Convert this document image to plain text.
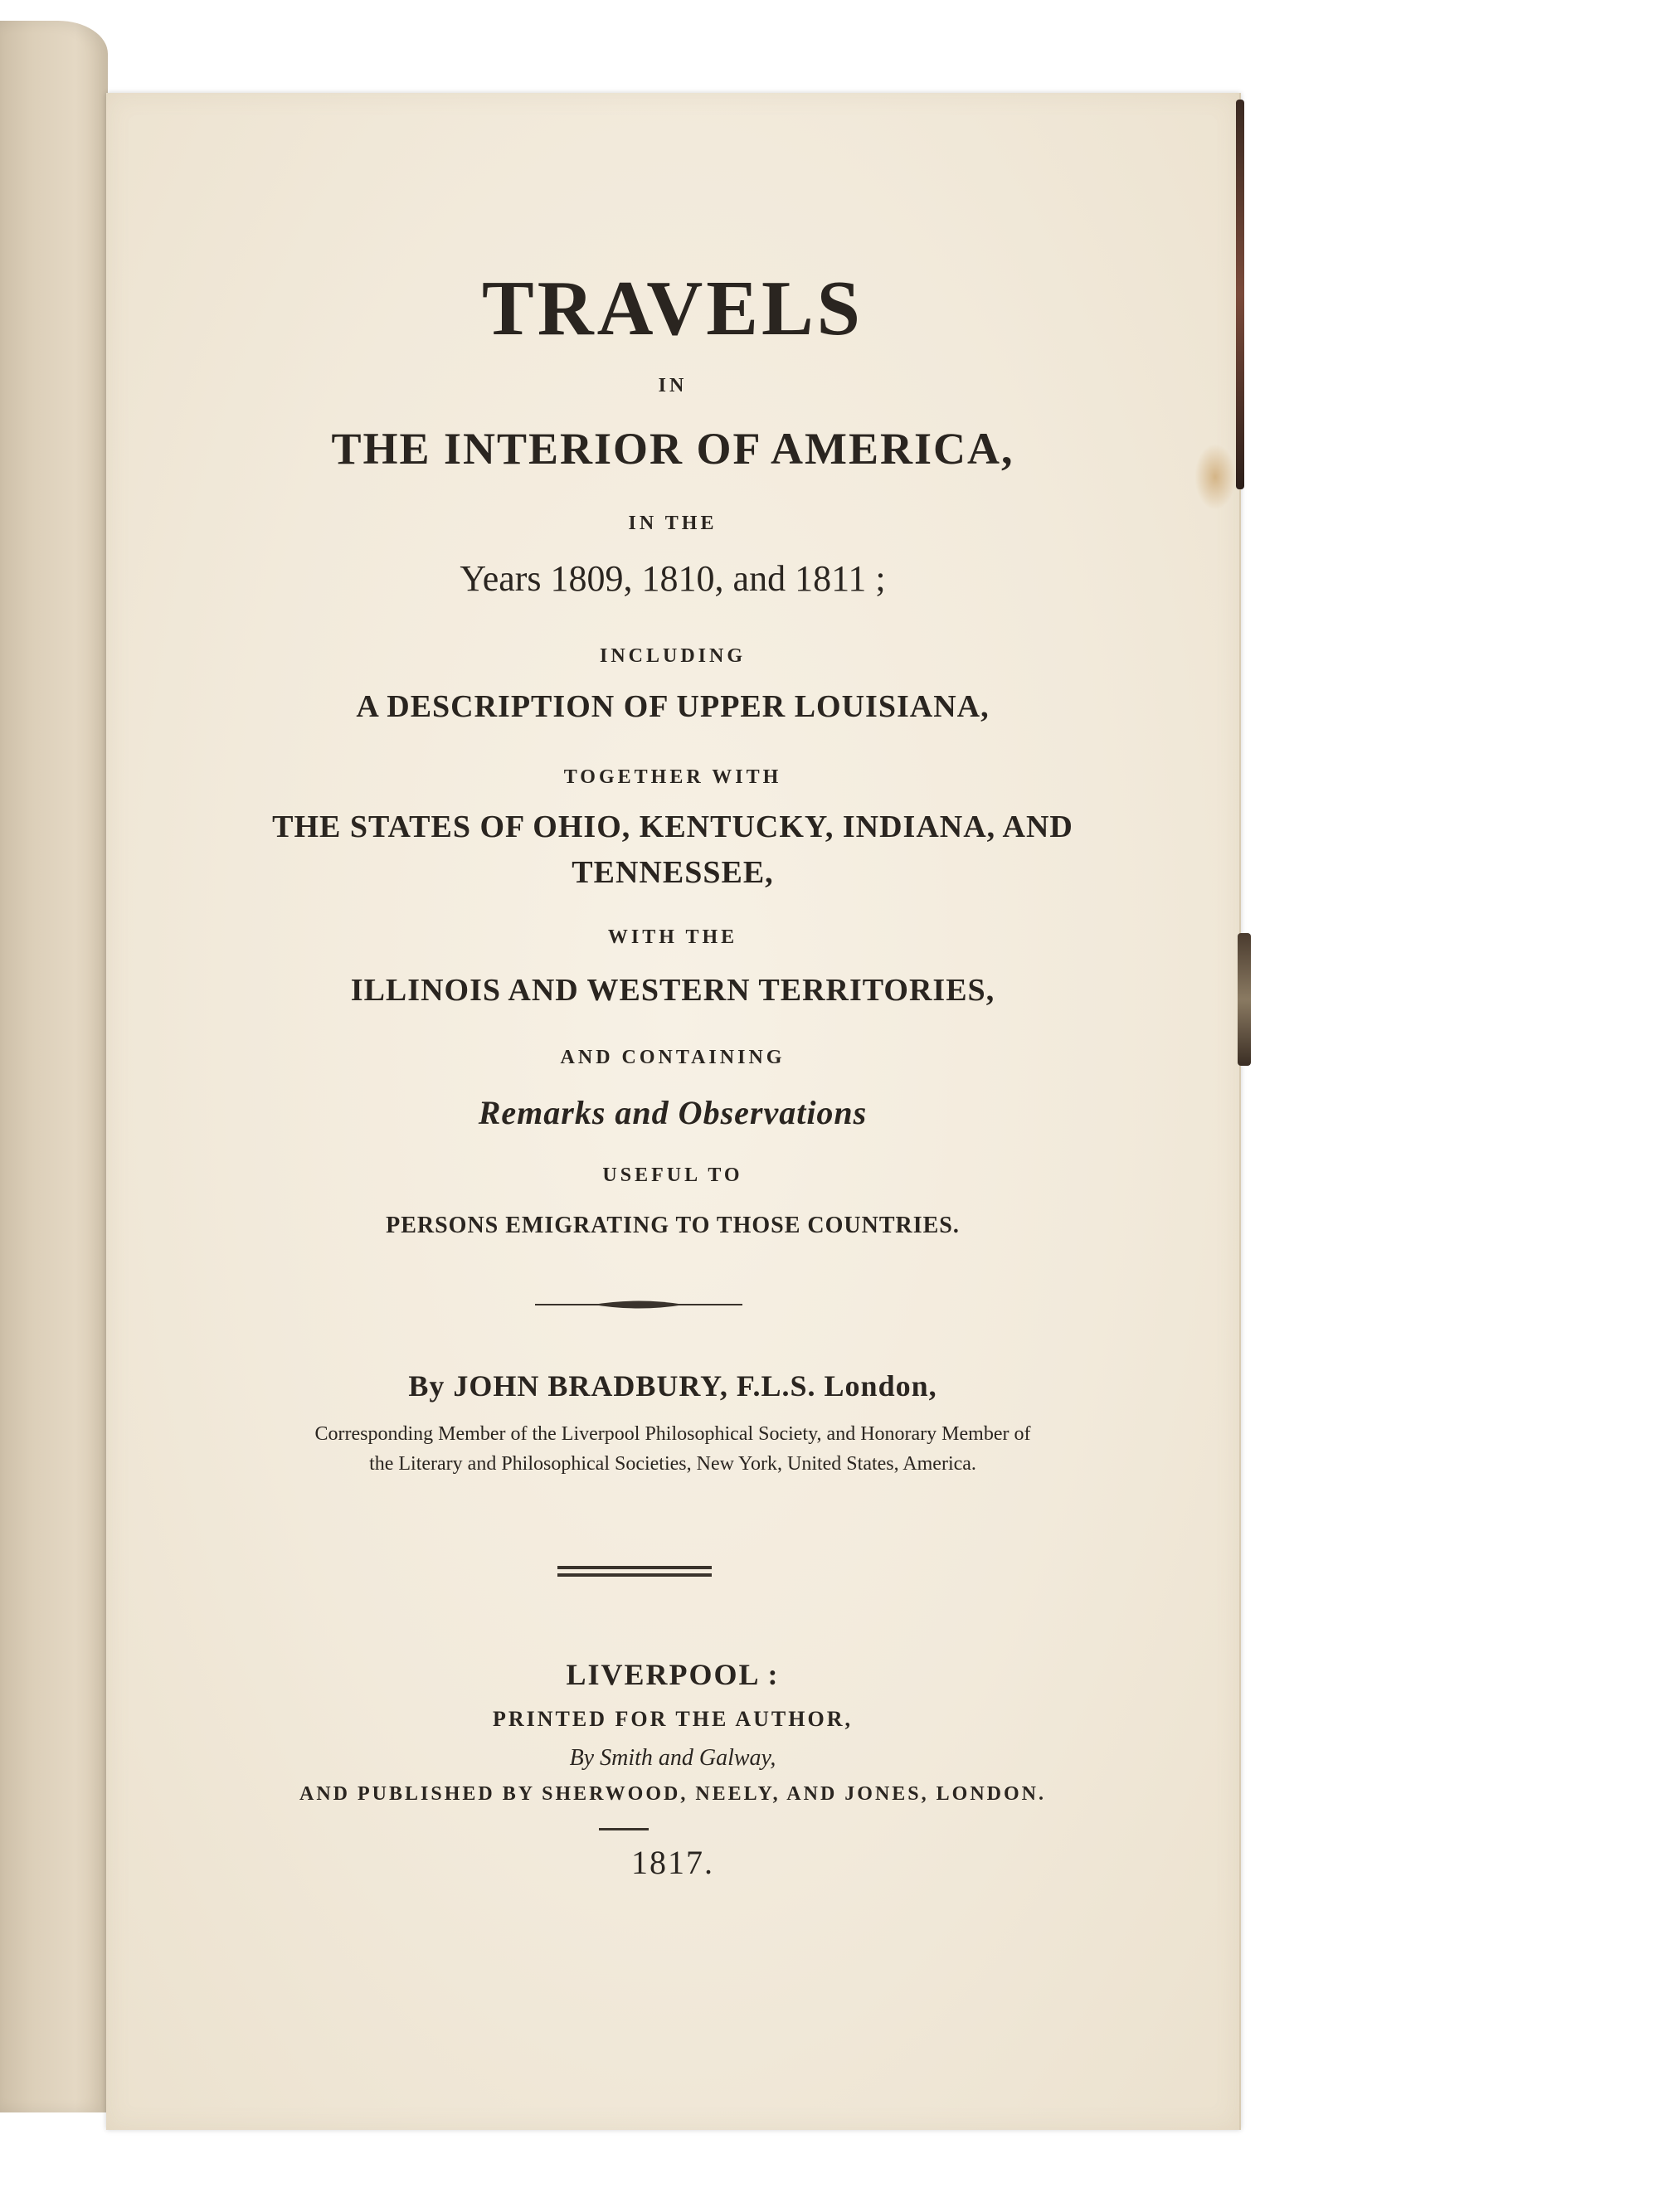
TRAVELS
IN
THE INTERIOR OF AMERICA,
IN THE
Years 1809, 1810, and 1811 ;
INCLUDING
A DESCRIPTION OF UPPER LOUISIANA,
TOGETHER WITH
THE STATES OF OHIO, KENTUCKY, INDIANA, AND
TENNESSEE,
WITH THE
ILLINOIS AND WESTERN TERRITORIES,
AND CONTAINING
Remarks and Observations
USEFUL TO
PERSONS EMIGRATING TO THOSE COUNTRIES.
By JOHN BRADBURY, F.L.S. London,
Corresponding Member of the Liverpool Philosophical Society, and Honorary Member of
the Literary and Philosophical Societies, New York, United States, America.
LIVERPOOL :
PRINTED FOR THE AUTHOR,
By Smith and Galway,
AND PUBLISHED BY SHERWOOD, NEELY, AND JONES, LONDON.
1817.
